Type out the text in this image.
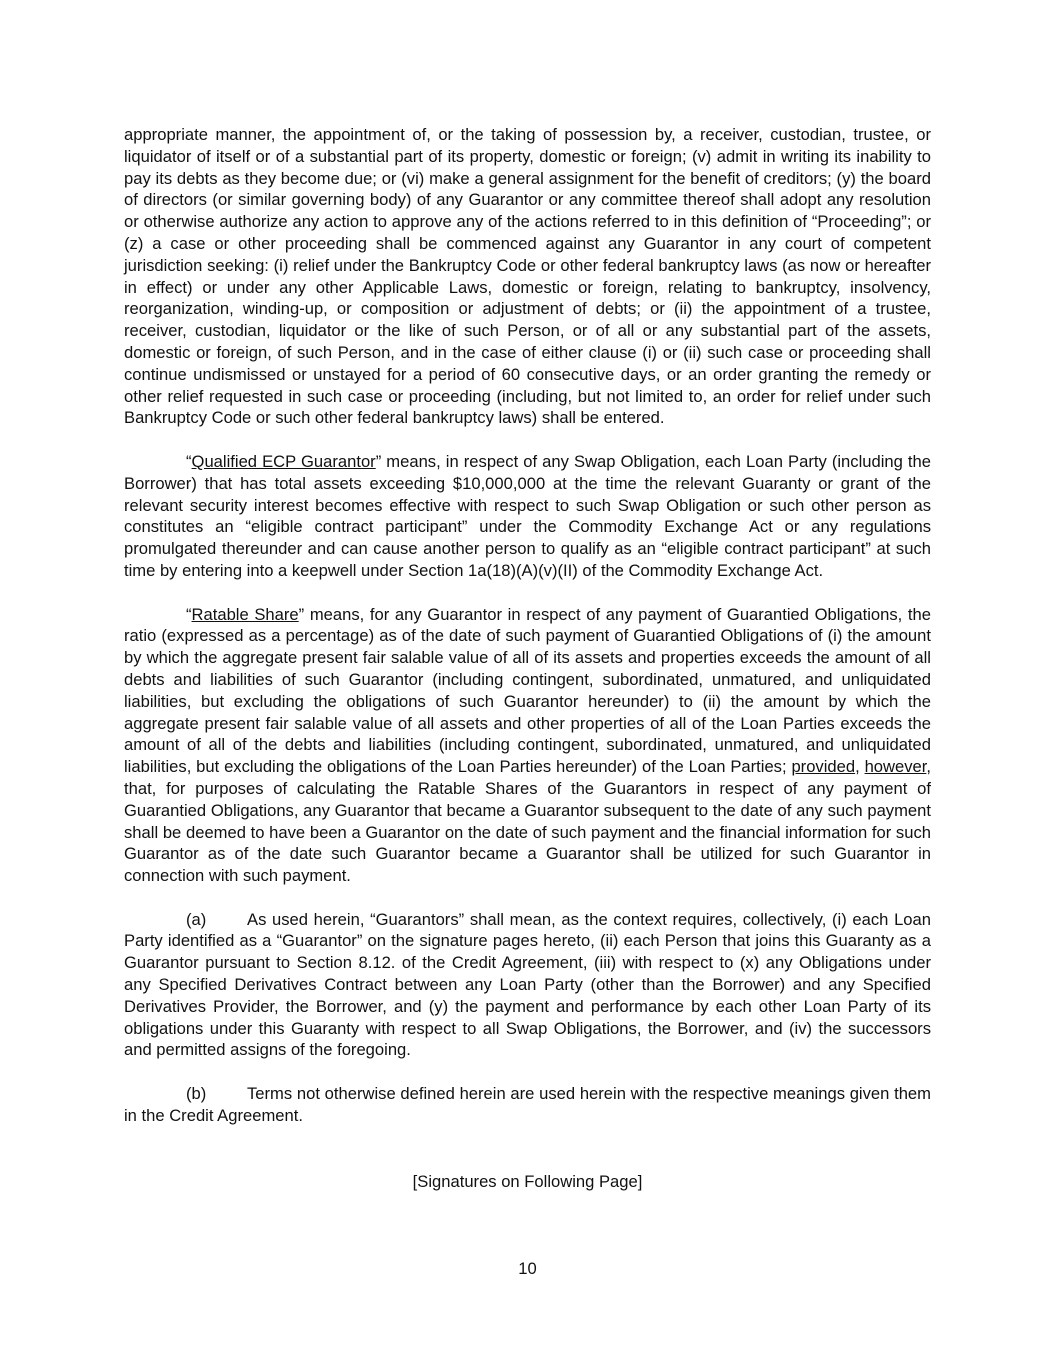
appropriate manner, the appointment of, or the taking of possession by, a receiver, custodian, trustee, or liquidator of itself or of a substantial part of its property, domestic or foreign; (v) admit in writing its inability to pay its debts as they become due; or (vi) make a general assignment for the benefit of creditors; (y) the board of directors (or similar governing body) of any Guarantor or any committee thereof shall adopt any resolution or otherwise authorize any action to approve any of the actions referred to in this definition of “Proceeding”; or (z) a case or other proceeding shall be commenced against any Guarantor in any court of competent jurisdiction seeking: (i) relief under the Bankruptcy Code or other federal bankruptcy laws (as now or hereafter in effect) or under any other Applicable Laws, domestic or foreign, relating to bankruptcy, insolvency, reorganization, winding-up, or composition or adjustment of debts; or (ii) the appointment of a trustee, receiver, custodian, liquidator or the like of such Person, or of all or any substantial part of the assets, domestic or foreign, of such Person, and in the case of either clause (i) or (ii) such case or proceeding shall continue undismissed or unstayed for a period of 60 consecutive days, or an order granting the remedy or other relief requested in such case or proceeding (including, but not limited to, an order for relief under such Bankruptcy Code or such other federal bankruptcy laws) shall be entered.

“Qualified ECP Guarantor” means, in respect of any Swap Obligation, each Loan Party (including the Borrower) that has total assets exceeding $10,000,000 at the time the relevant Guaranty or grant of the relevant security interest becomes effective with respect to such Swap Obligation or such other person as constitutes an “eligible contract participant” under the Commodity Exchange Act or any regulations promulgated thereunder and can cause another person to qualify as an “eligible contract participant” at such time by entering into a keepwell under Section 1a(18)(A)(v)(II) of the Commodity Exchange Act.

“Ratable Share” means, for any Guarantor in respect of any payment of Guarantied Obligations, the ratio (expressed as a percentage) as of the date of such payment of Guarantied Obligations of (i) the amount by which the aggregate present fair salable value of all of its assets and properties exceeds the amount of all debts and liabilities of such Guarantor (including contingent, subordinated, unmatured, and unliquidated liabilities, but excluding the obligations of such Guarantor hereunder) to (ii) the amount by which the aggregate present fair salable value of all assets and other properties of all of the Loan Parties exceeds the amount of all of the debts and liabilities (including contingent, subordinated, unmatured, and unliquidated liabilities, but excluding the obligations of the Loan Parties hereunder) of the Loan Parties; provided, however, that, for purposes of calculating the Ratable Shares of the Guarantors in respect of any payment of Guarantied Obligations, any Guarantor that became a Guarantor subsequent to the date of any such payment shall be deemed to have been a Guarantor on the date of such payment and the financial information for such Guarantor as of the date such Guarantor became a Guarantor shall be utilized for such Guarantor in connection with such payment.

(a) As used herein, “Guarantors” shall mean, as the context requires, collectively, (i) each Loan Party identified as a “Guarantor” on the signature pages hereto, (ii) each Person that joins this Guaranty as a Guarantor pursuant to Section 8.12. of the Credit Agreement, (iii) with respect to (x) any Obligations under any Specified Derivatives Contract between any Loan Party (other than the Borrower) and any Specified Derivatives Provider, the Borrower, and (y) the payment and performance by each other Loan Party of its obligations under this Guaranty with respect to all Swap Obligations, the Borrower, and (iv) the successors and permitted assigns of the foregoing.

(b) Terms not otherwise defined herein are used herein with the respective meanings given them in the Credit Agreement.

[Signatures on Following Page]
10
